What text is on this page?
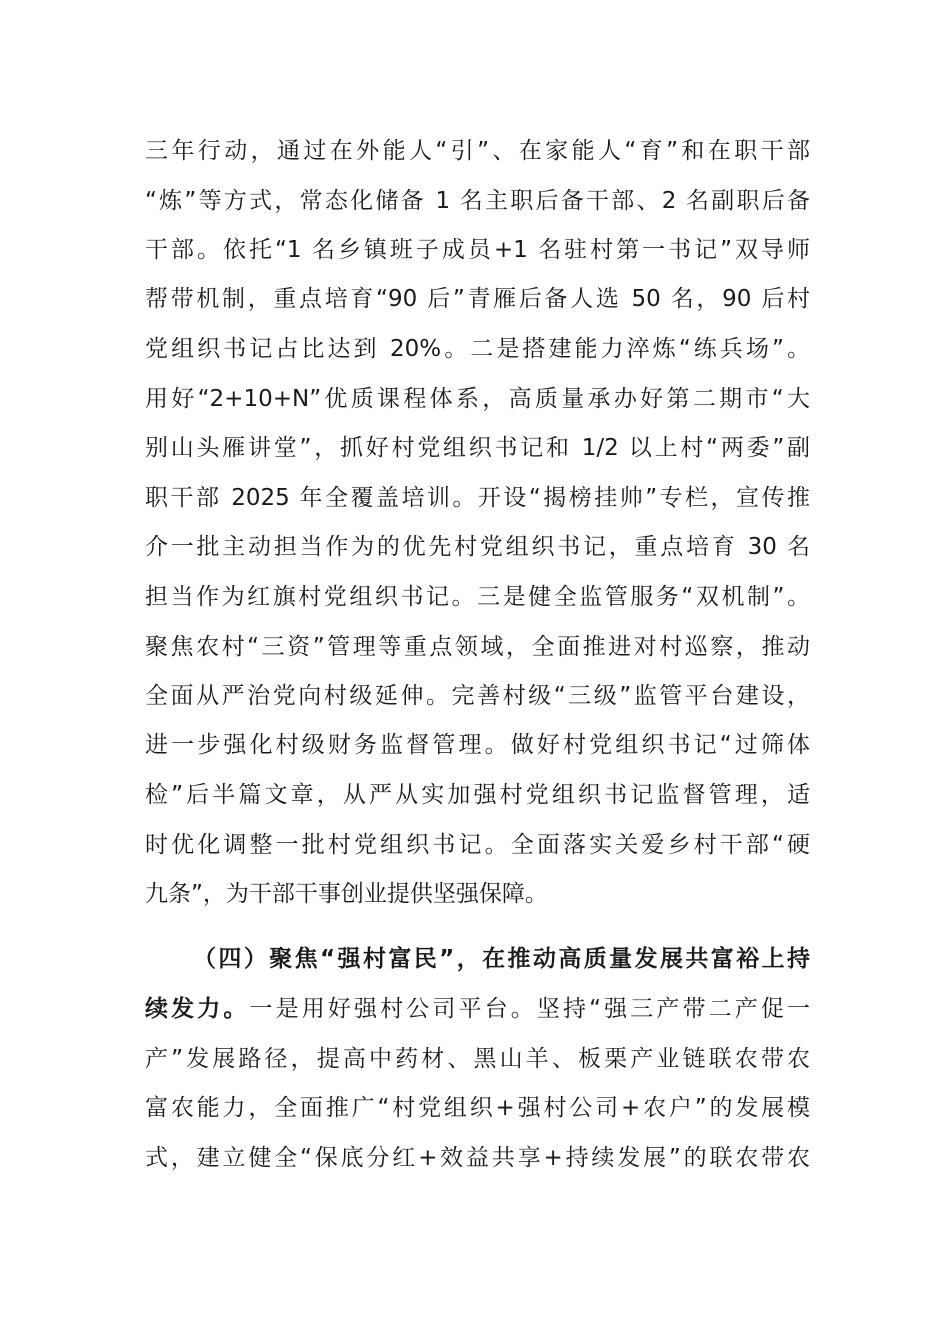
三年行动，通过在外能人“引”、在家能人“育”和在职干部
“炼”等方式，常态化储备 1 名主职后备干部、2 名副职后备
干部。依托“1 名乡镇班子成员+1 名驻村第一书记”双导师
帮带机制，重点培育“90 后”青雁后备人选 50 名，90 后村
党组织书记占比达到 20%。二是搭建能力淬炼“练兵场”。
用好“2+10+N”优质课程体系，高质量承办好第二期市“大
别山头雁讲堂”，抓好村党组织书记和 1/2 以上村“两委”副
职干部 2025 年全覆盖培训。开设“揭榜挂帅”专栏，宣传推
介一批主动担当作为的优先村党组织书记，重点培育 30 名
担当作为红旗村党组织书记。三是健全监管服务“双机制”。
聚焦农村“三资”管理等重点领域，全面推进对村巡察，推动
全面从严治党向村级延伸。完善村级“三级”监管平台建设，
进一步强化村级财务监督管理。做好村党组织书记“过筛体
检”后半篇文章，从严从实加强村党组织书记监督管理，适
时优化调整一批村党组织书记。全面落实关爱乡村干部“硬
九条”，为干部干事创业提供坚强保障。
（四）聚焦“强村富民”，在推动高质量发展共富裕上持
续发力。一是用好强村公司平台。坚持“强三产带二产促一
产”发展路径，提高中药材、黑山羊、板栗产业链联农带农
富农能力，全面推广“村党组织+强村公司+农户”的发展模
式，建立健全“保底分红+效益共享+持续发展”的联农带农
